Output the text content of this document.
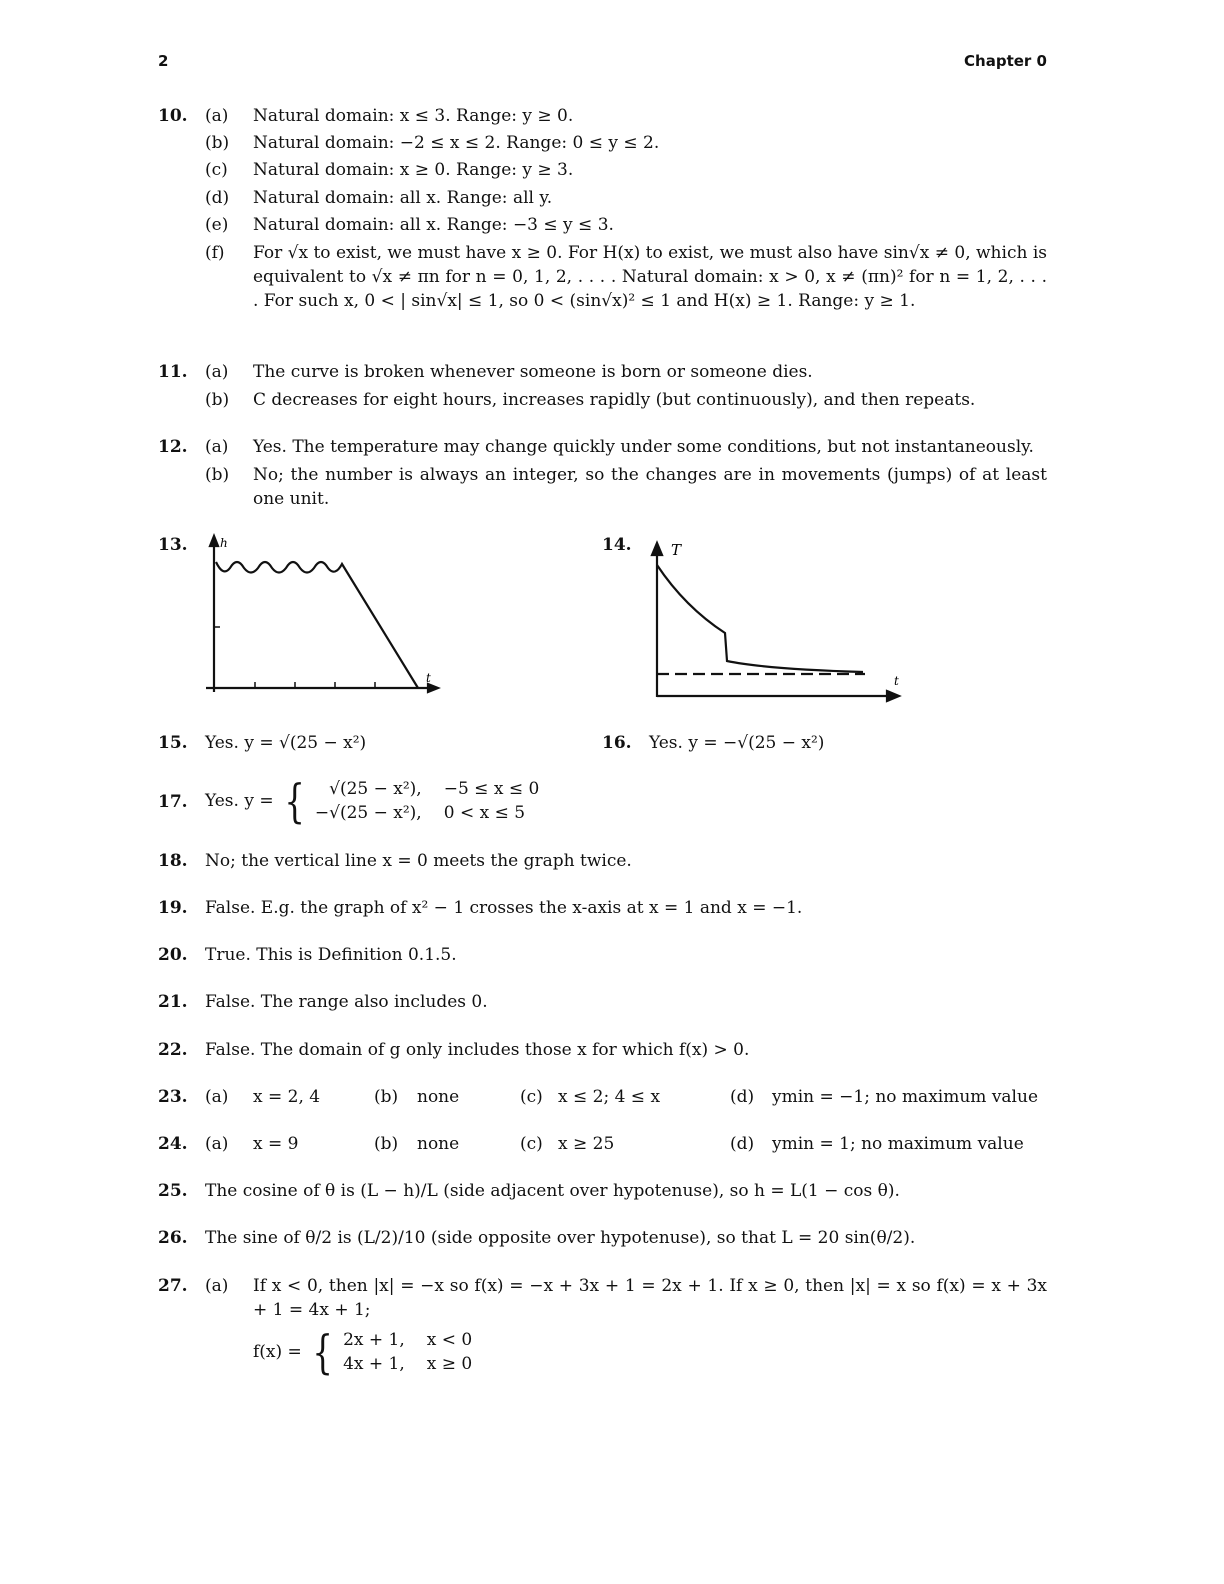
2	Chapter 0
10. (a) Natural domain: x ≤ 3. Range: y ≥ 0.
(b) Natural domain: −2 ≤ x ≤ 2. Range: 0 ≤ y ≤ 2.
(c) Natural domain: x ≥ 0. Range: y ≥ 3.
(d) Natural domain: all x. Range: all y.
(e) Natural domain: all x. Range: −3 ≤ y ≤ 3.
(f) For √x to exist, we must have x ≥ 0. For H(x) to exist, we must also have sin√x ≠ 0, which is equivalent to √x ≠ πn for n = 0, 1, 2, . . . . Natural domain: x > 0, x ≠ (πn)² for n = 1, 2, . . . . For such x, 0 < | sin√x| ≤ 1, so 0 < (sin√x)² ≤ 1 and H(x) ≥ 1. Range: y ≥ 1.
11. (a) The curve is broken whenever someone is born or someone dies.
(b) C decreases for eight hours, increases rapidly (but continuously), and then repeats.
12. (a) Yes. The temperature may change quickly under some conditions, but not instantaneously.
(b) No; the number is always an integer, so the changes are in movements (jumps) of at least one unit.
13.	h
t
14.	T
t
15. Yes. y = √(25 − x²)	16. Yes. y = −√(25 − x²)
17. Yes. y = {	√(25 − x²), −5 ≤ x ≤ 0
−√(25 − x²), 0 < x ≤ 5
18. No; the vertical line x = 0 meets the graph twice.
19. False. E.g. the graph of x² − 1 crosses the x-axis at x = 1 and x = −1.
20. True. This is Definition 0.1.5.
21. False. The range also includes 0.
22. False. The domain of g only includes those x for which f(x) > 0.
23. (a) x = 2, 4	(b) none	(c) x ≤ 2; 4 ≤ x	(d) ymin = −1; no maximum value
24. (a) x = 9	(b) none	(c) x ≥ 25	(d) ymin = 1; no maximum value
25. The cosine of θ is (L − h)/L (side adjacent over hypotenuse), so h = L(1 − cos θ).
26. The sine of θ/2 is (L/2)/10 (side opposite over hypotenuse), so that L = 20 sin(θ/2).
27. (a) If x < 0, then |x| = −x so f(x) = −x + 3x + 1 = 2x + 1. If x ≥ 0, then |x| = x so f(x) = x + 3x + 1 = 4x + 1;
f(x) = { 2x + 1, x < 0
4x + 1, x ≥ 0
